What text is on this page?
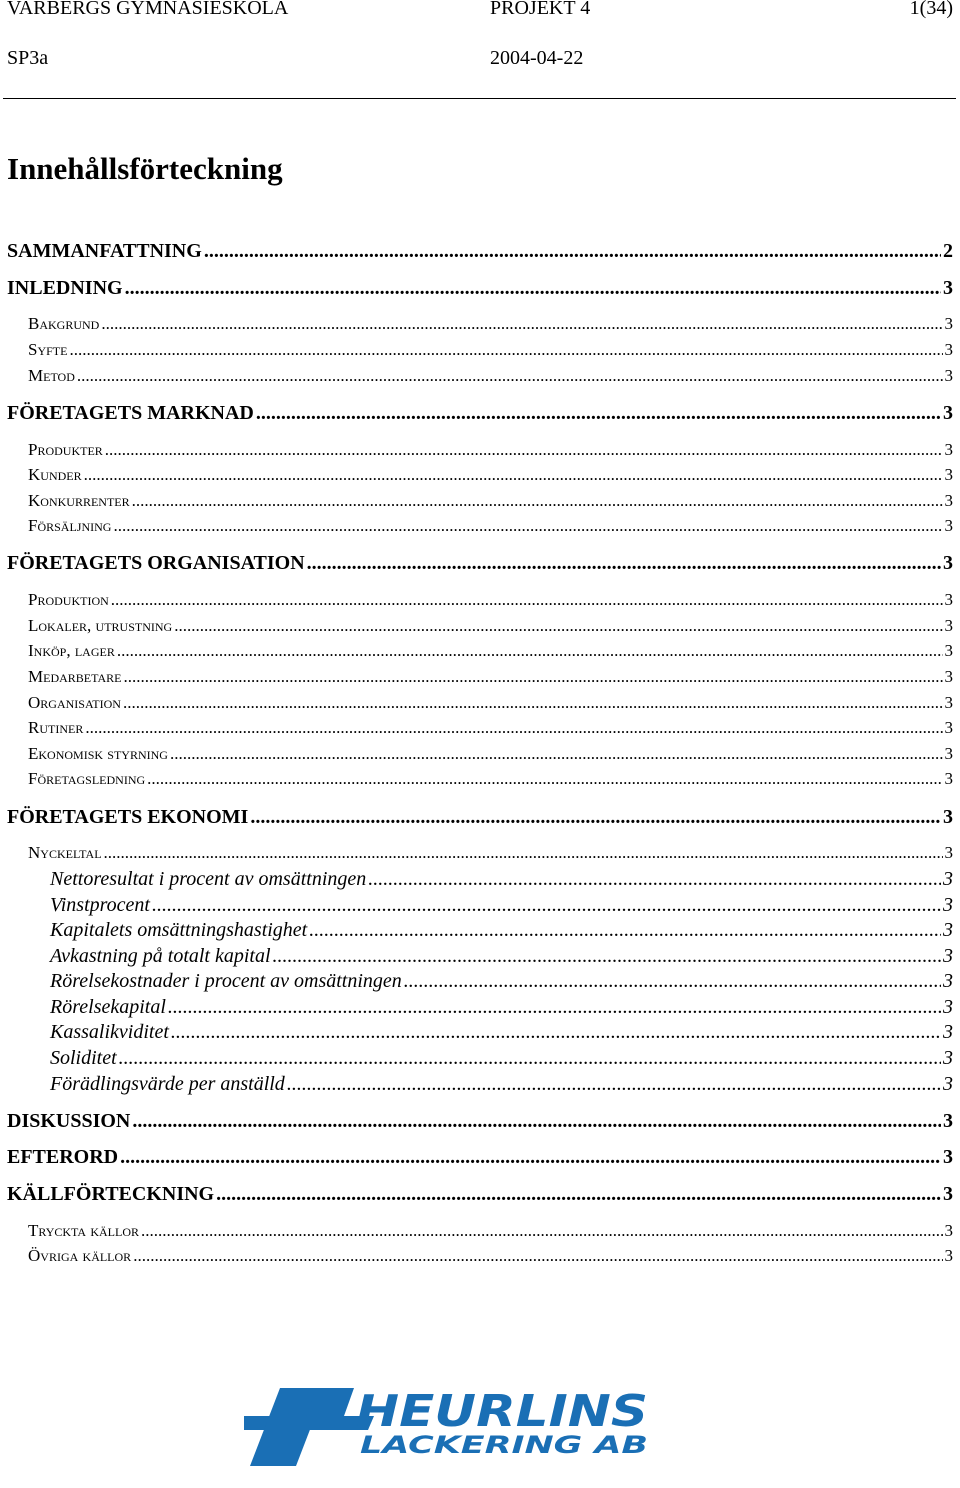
VARBERGS GYMNASIESKOLA	PROJEKT 4	1(34)
SP3a	2004-04-22
Innehållsförteckning
SAMMANFATTNING .....	2
INLEDNING .....	3
Bakgrund .....	3
Syfte .....	3
Metod .....	3
FÖRETAGETS MARKNAD .....	3
Produkter .....	3
Kunder .....	3
Konkurrenter .....	3
Försäljning .....	3
FÖRETAGETS ORGANISATION .....	3
Produktion .....	3
Lokaler, utrustning .....	3
Inköp, lager .....	3
Medarbetare .....	3
Organisation .....	3
Rutiner .....	3
Ekonomisk styrning .....	3
Företagsledning .....	3
FÖRETAGETS EKONOMI .....	3
Nyckeltal .....	3
Nettoresultat i procent av omsättningen .....	3
Vinstprocent .....	3
Kapitalets omsättningshastighet .....	3
Avkastning på totalt kapital .....	3
Rörelsekostnader i procent av omsättningen .....	3
Rörelsekapital .....	3
Kassalikviditet .....	3
Soliditet .....	3
Förädlingsvärde per anställd .....	3
DISKUSSION .....	3
EFTERORD .....	3
KÄLLFÖRTECKNING .....	3
Tryckta källor .....	3
Övriga källor .....	3
HEURLINS
LACKERING AB
